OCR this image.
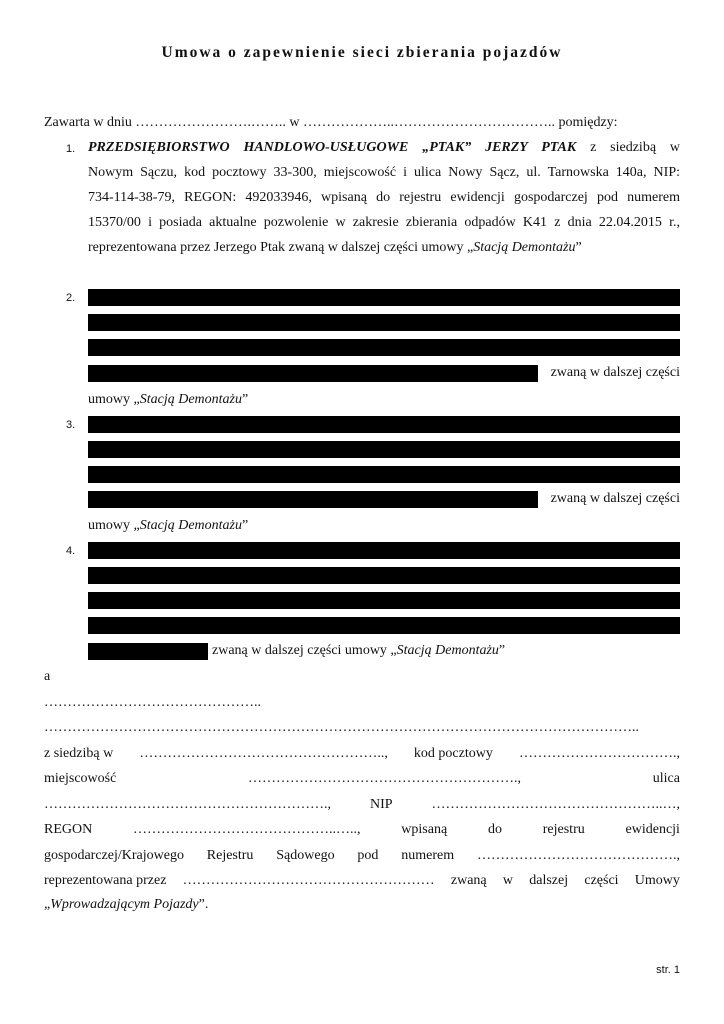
Umowa o zapewnienie sieci zbierania pojazdów
Zawarta w dniu …………………….…….. w ………………..…………………………….. pomiędzy:
1. PRZEDSIĘBIORSTWO HANDLOWO-USŁUGOWE „PTAK” JERZY PTAK z siedzibą w
Nowym Sączu, kod pocztowy 33-300, miejscowość i ulica Nowy Sącz, ul. Tarnowska 140a, NIP:
734-114-38-79, REGON: 492033946, wpisaną do rejestru ewidencji gospodarczej pod numerem
15370/00 i posiada aktualne pozwolenie w zakresie zbierania odpadów K41 z dnia 22.04.2015 r.,
reprezentowana przez Jerzego Ptak zwaną w dalszej części umowy „Stacją Demontażu”
2.
zwaną w dalszej części
umowy „Stacją Demontażu”
3.
zwaną w dalszej części
umowy „Stacją Demontażu”
4.
zwaną w dalszej części umowy „Stacją Demontażu”
a
………………………………………..
………………………………………………………………………………………………………………..
z siedzibą w …………………………………………….., kod pocztowy …………………………….,
miejscowość	………………………………………………….,	ulica
…………………………………………………….,	NIP	…………………………………………..…,
REGON	……………………………………..…..,	wpisaną	do	rejestru	ewidencji
gospodarczej/Krajowego Rejestru Sądowego pod numerem …………………………………….,
reprezentowana przez ……………………………………………… zwaną w dalszej części Umowy
„Wprowadzającym Pojazdy”.
str. 1
